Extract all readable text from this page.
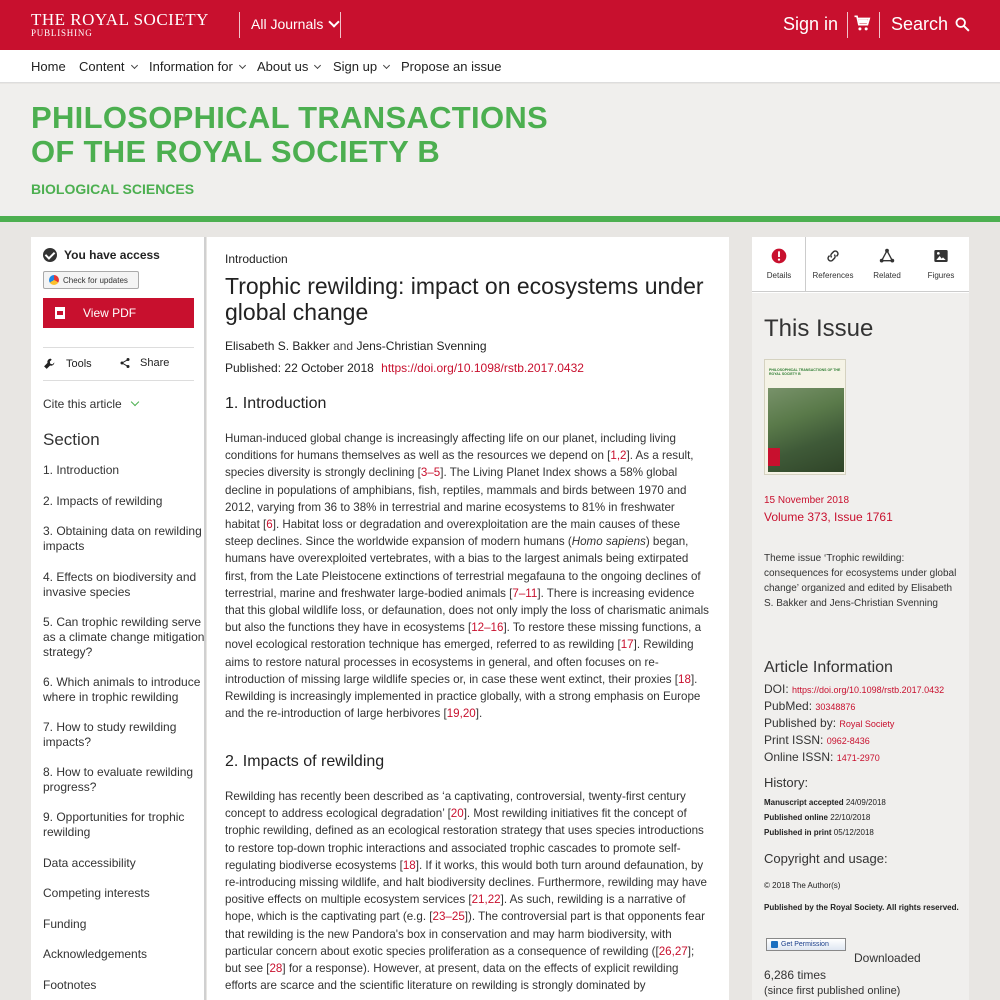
THE ROYAL SOCIETY
PUBLISHING
All Journals	Sign in	Search
Home Content Information for About us Sign up Propose an issue
PHILOSOPHICAL TRANSACTIONS
OF THE ROYAL SOCIETY B
BIOLOGICAL SCIENCES
You have access
Check for updates
View PDF
Tools	Share
Cite this article
Section
1. Introduction
2. Impacts of rewilding
3. Obtaining data on rewilding impacts
4. Effects on biodiversity and invasive species
5. Can trophic rewilding serve as a climate change mitigation strategy?
6. Which animals to introduce where in trophic rewilding
7. How to study rewilding impacts?
8. How to evaluate rewilding progress?
9. Opportunities for trophic rewilding
Data accessibility
Competing interests
Funding
Acknowledgements
Footnotes
Introduction
Trophic rewilding: impact on ecosystems under global change
Elisabeth S. Bakker and Jens-Christian Svenning
Published: 22 October 2018 https://doi.org/10.1098/rstb.2017.0432
1. Introduction
Human-induced global change is increasingly affecting life on our planet, including living conditions for humans themselves as well as the resources we depend on [1,2]. As a result, species diversity is strongly declining [3–5]. The Living Planet Index shows a 58% global decline in populations of amphibians, fish, reptiles, mammals and birds between 1970 and 2012, varying from 36 to 38% in terrestrial and marine ecosystems to 81% in freshwater habitat [6]. Habitat loss or degradation and overexploitation are the main causes of these steep declines. Since the worldwide expansion of modern humans (Homo sapiens) began, humans have overexploited vertebrates, with a bias to the largest animals being extirpated first, from the Late Pleistocene extinctions of terrestrial megafauna to the ongoing declines of terrestrial, marine and freshwater large-bodied animals [7–11]. There is increasing evidence that this global wildlife loss, or defaunation, does not only imply the loss of charismatic animals but also the functions they have in ecosystems [12–16]. To restore these missing functions, a novel ecological restoration technique has emerged, referred to as rewilding [17]. Rewilding aims to restore natural processes in ecosystems in general, and often focuses on re-introduction of missing large wildlife species or, in case these went extinct, their proxies [18]. Rewilding is increasingly implemented in practice globally, with a strong emphasis on Europe and the re-introduction of large herbivores [19,20].
2. Impacts of rewilding
Rewilding has recently been described as ‘a captivating, controversial, twenty-first century concept to address ecological degradation’ [20]. Most rewilding initiatives fit the concept of trophic rewilding, defined as an ecological restoration strategy that uses species introductions to restore top-down trophic interactions and associated trophic cascades to promote self-regulating biodiverse ecosystems [18]. If it works, this would both turn around defaunation, by re-introducing missing wildlife, and halt biodiversity declines. Furthermore, rewilding may have positive effects on multiple ecosystem services [21,22]. As such, rewilding is a narrative of hope, which is the captivating part (e.g. [23–25]). The controversial part is that opponents fear that rewilding is the new Pandora's box in conservation and may harm biodiversity, with particular concern about exotic species proliferation as a consequence of rewilding ([26,27]; but see [28] for a response). However, at present, data on the effects of explicit rewilding efforts are scarce and the scientific literature on rewilding is strongly dominated by
Details	References	Related	Figures
This Issue
PHILOSOPHICAL TRANSACTIONS OF THE ROYAL SOCIETY B
15 November 2018
Volume 373, Issue 1761
Theme issue ‘Trophic rewilding: consequences for ecosystems under global change’ organized and edited by Elisabeth S. Bakker and Jens-Christian Svenning
Article Information
DOI: https://doi.org/10.1098/rstb.2017.0432
PubMed: 30348876
Published by: Royal Society
Print ISSN: 0962-8436
Online ISSN: 1471-2970
History:
Manuscript accepted 24/09/2018
Published online 22/10/2018
Published in print 05/12/2018
Copyright and usage:
© 2018 The Author(s)
Published by the Royal Society. All rights reserved.
Get Permission
Downloaded
6,286 times
(since first published online)
